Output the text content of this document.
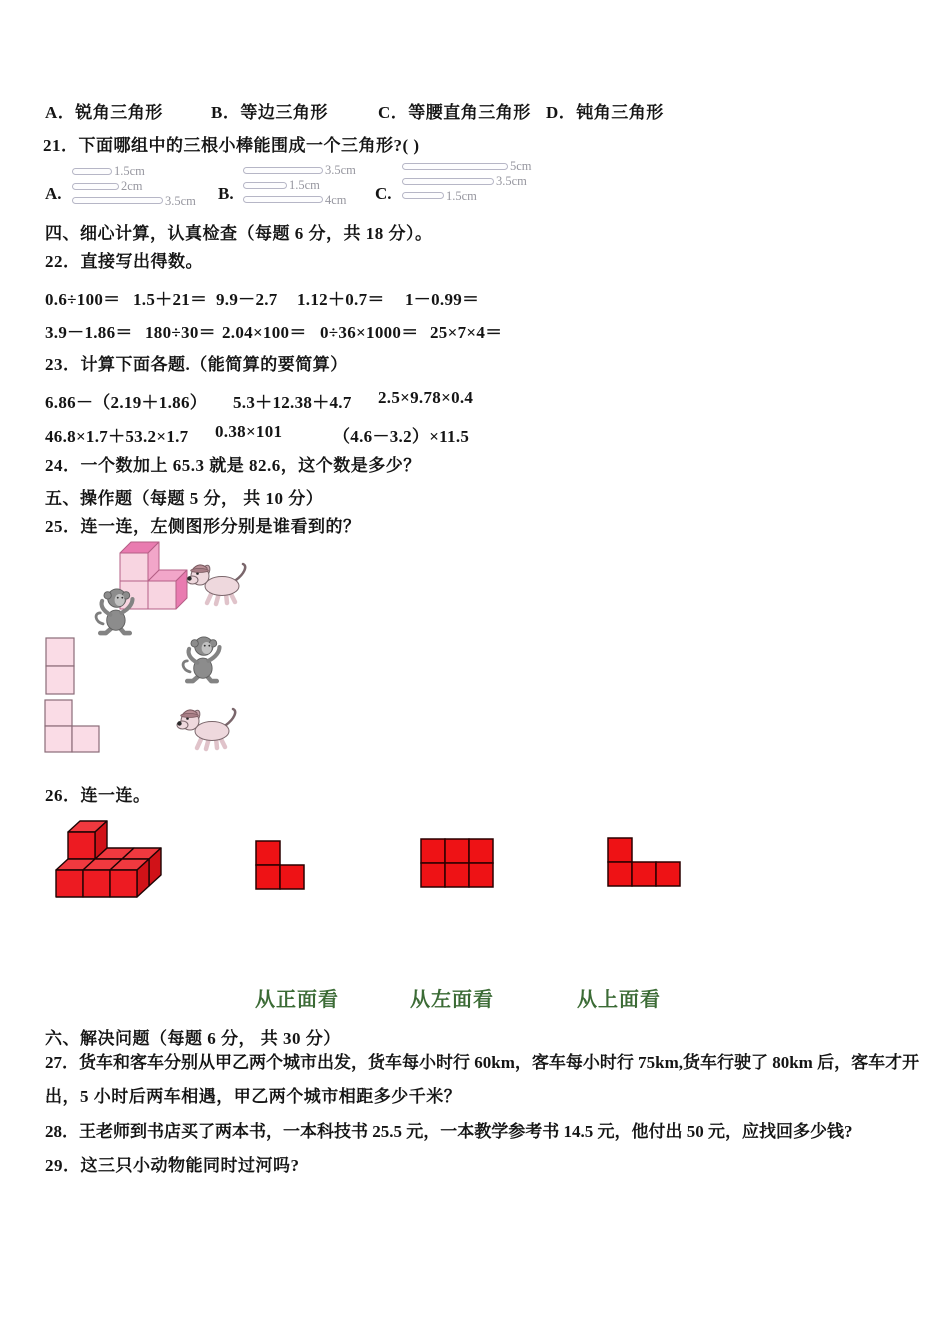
A．锐角三角形	B．等边三角形	C．等腰直角三角形 D．钝角三角形
21．下面哪组中的三根小棒能围成一个三角形?( )
A.
1.5cm
2cm
3.5cm B.
3.5cm
1.5cm
4cm C.
5cm
3.5cm
1.5cm
四、细心计算，认真检查（每题 6 分，共 18 分）。
22．直接写出得数。
0.6÷100＝ 1.5＋21＝ 9.9－2.7 1.12＋0.7＝ 1－0.99＝
3.9－1.86＝ 180÷30＝ 2.04×100＝ 0÷36×1000＝ 25×7×4＝
23．计算下面各题.（能简算的要简算）
6.86－（2.19＋1.86） 5.3＋12.38＋4.7 2.5×9.78×0.4
46.8×1.7＋53.2×1.7 0.38×101	（4.6－3.2）×11.5
24．一个数加上 65.3 就是 82.6，这个数是多少？
五、操作题（每题 5 分， 共 10 分）
25．连一连，左侧图形分别是谁看到的？
26．连一连。
从正面看	从左面看	从上面看
六、解决问题（每题 6 分， 共 30 分）
27．货车和客车分别从甲乙两个城市出发，货车每小时行 60km，客车每小时行 75km,货车行驶了 80km 后，客车才开
出，5 小时后两车相遇，甲乙两个城市相距多少千米？
28．王老师到书店买了两本书，一本科技书 25.5 元，一本教学参考书 14.5 元，他付出 50 元，应找回多少钱?
29．这三只小动物能同时过河吗?
